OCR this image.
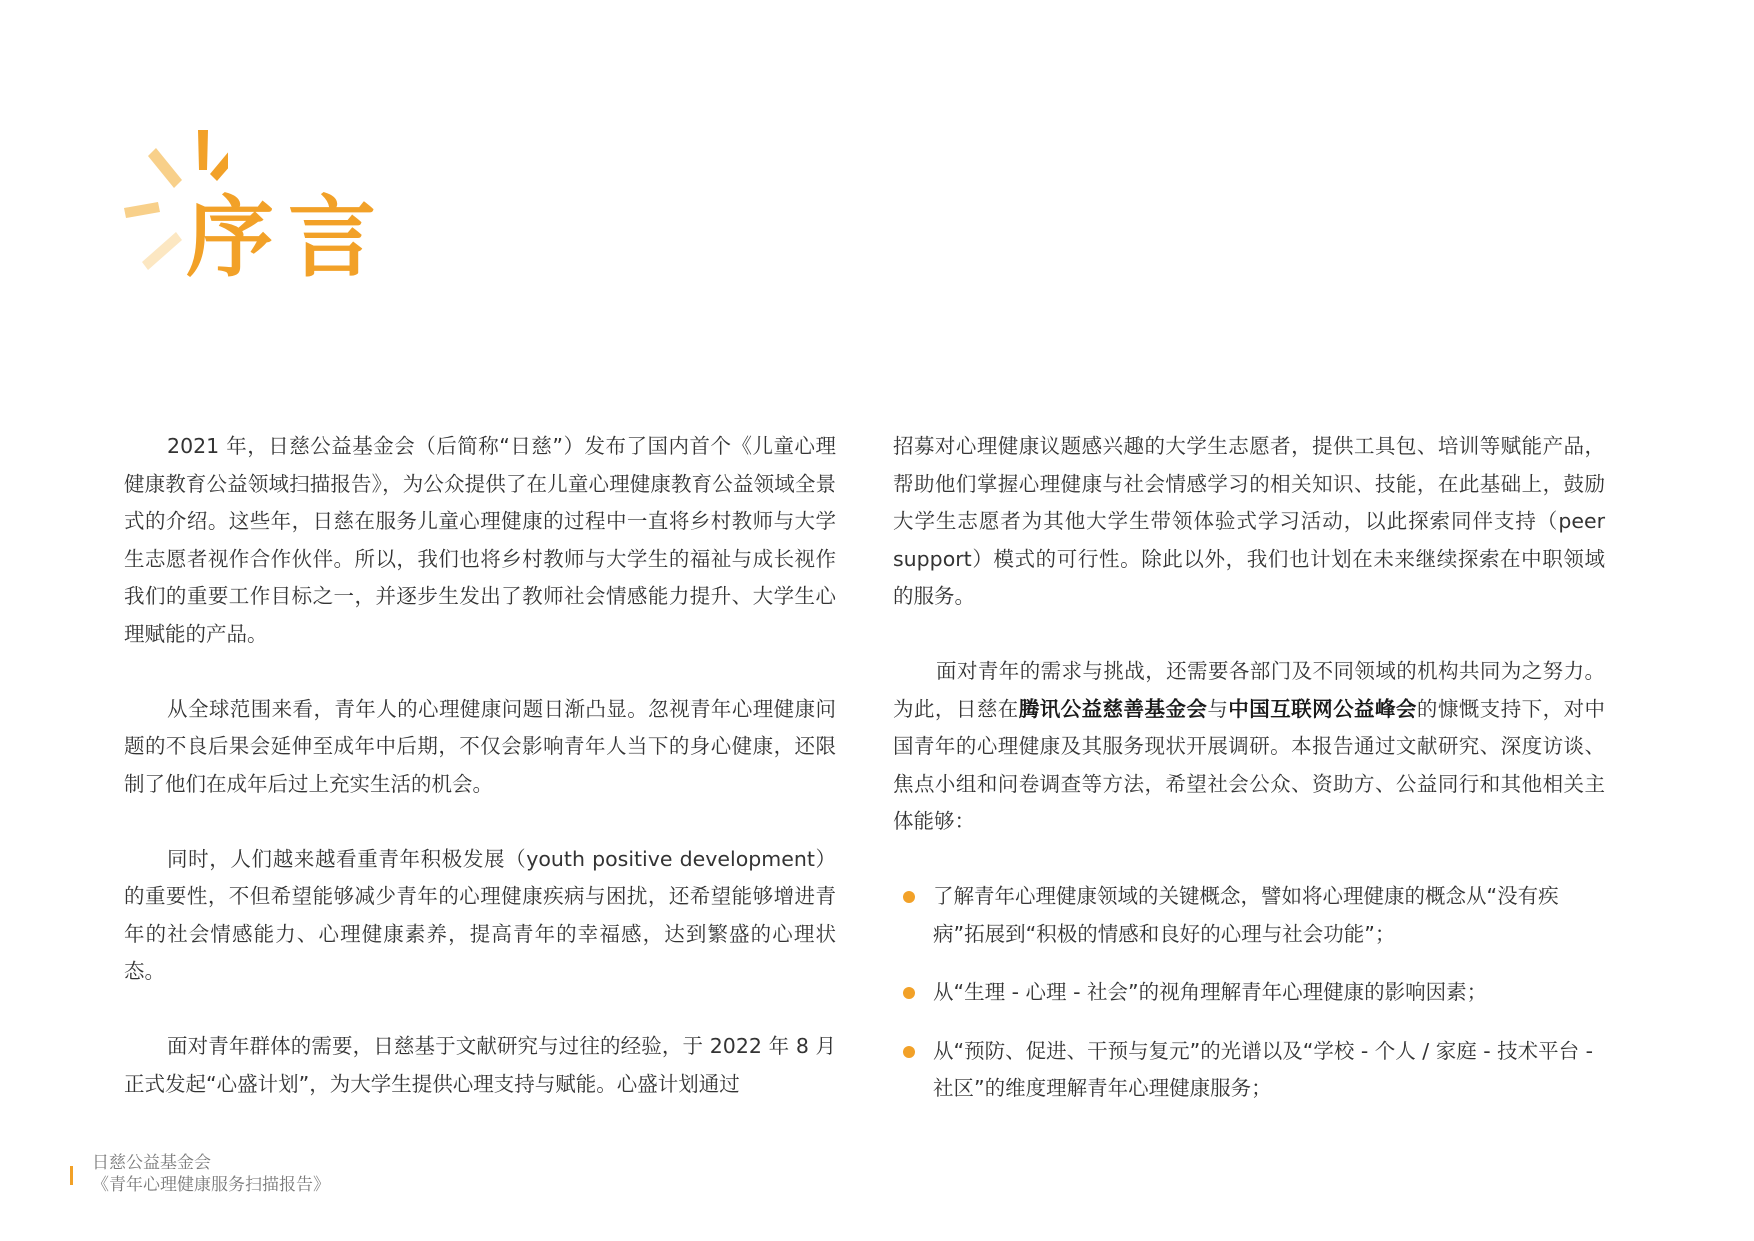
序言

2021 年，日慈公益基金会（后简称“日慈”）发布了国内首个《儿童心理健康教育公益领域扫描报告》，为公众提供了在儿童心理健康教育公益领域全景式的介绍。这些年，日慈在服务儿童心理健康的过程中一直将乡村教师与大学生志愿者视作合作伙伴。所以，我们也将乡村教师与大学生的福祉与成长视作我们的重要工作目标之一，并逐步生发出了教师社会情感能力提升、大学生心理赋能的产品。

从全球范围来看，青年人的心理健康问题日渐凸显。忽视青年心理健康问题的不良后果会延伸至成年中后期，不仅会影响青年人当下的身心健康，还限制了他们在成年后过上充实生活的机会。

同时，人们越来越看重青年积极发展（youth positive development）的重要性，不但希望能够减少青年的心理健康疾病与困扰，还希望能够增进青年的社会情感能力、心理健康素养，提高青年的幸福感，达到繁盛的心理状态。

面对青年群体的需要，日慈基于文献研究与过往的经验，于 2022 年 8 月正式发起“心盛计划”，为大学生提供心理支持与赋能。心盛计划通过

招募对心理健康议题感兴趣的大学生志愿者，提供工具包、培训等赋能产品，帮助他们掌握心理健康与社会情感学习的相关知识、技能，在此基础上，鼓励大学生志愿者为其他大学生带领体验式学习活动，以此探索同伴支持（peer support）模式的可行性。除此以外，我们也计划在未来继续探索在中职领域的服务。

面对青年的需求与挑战，还需要各部门及不同领域的机构共同为之努力。为此，日慈在腾讯公益慈善基金会与中国互联网公益峰会的慷慨支持下，对中国青年的心理健康及其服务现状开展调研。本报告通过文献研究、深度访谈、焦点小组和问卷调查等方法，希望社会公众、资助方、公益同行和其他相关主体能够：

了解青年心理健康领域的关键概念，譬如将心理健康的概念从“没有疾病”拓展到“积极的情感和良好的心理与社会功能”；
从“生理 - 心理 - 社会”的视角理解青年心理健康的影响因素；
从“预防、促进、干预与复元”的光谱以及“学校 - 个人 / 家庭 - 技术平台 - 社区”的维度理解青年心理健康服务；
日慈公益基金会
《青年心理健康服务扫描报告》
